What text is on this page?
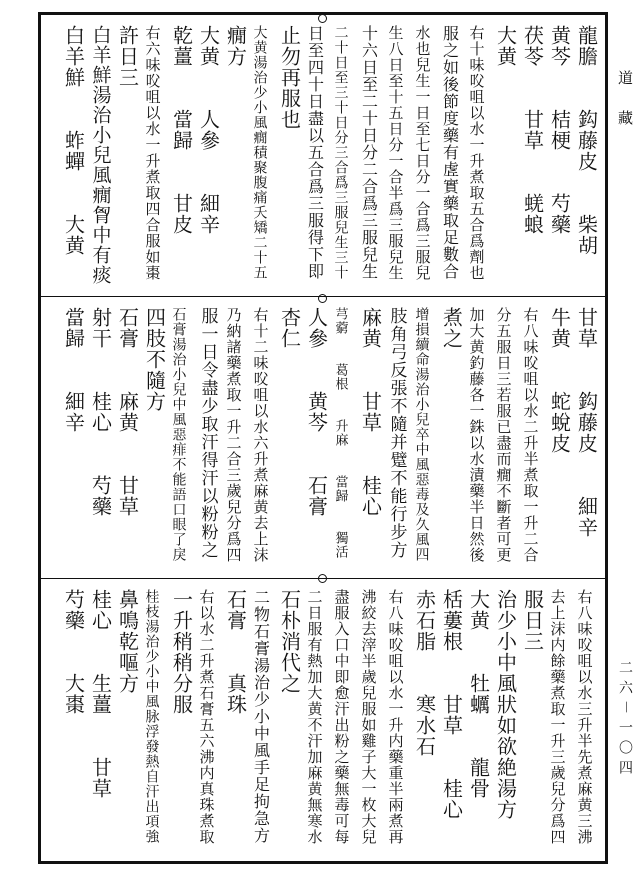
龍膽　　鈎藤皮　　柴胡
黄芩　　桔梗　　芍藥
茯苓　　甘草　　蜣蜋
大黄
右十味㕮咀以水一升煮取五合爲劑也
服之如後節度藥有虗實藥取足數合
水也兒生一日至七日分一合爲三服兒
生八日至十五日分一合半爲三服兒生
十六日至二十日分二合爲三服兒生
二十日至三十日分三合爲三服兒生三十
日至四十日盡以五合爲三服得下即
止勿再服也
大黄湯治少小風癇積聚腹痛夭矯二十五
癇方
大黄　　人參　　細辛
乾薑　　當歸　　甘皮
右六味㕮咀以水一升煮取四合服如棗
許日三
白羊鮮湯治小兒風癇胷中有痰
白羊鮮　　蚱蟬　　大黄
甘草　　鈎藤皮　　細辛
牛黄　　蛇蛻皮
右八味㕮咀以水二升半煮取一升二合
分五服日三若服已盡而癇不斷者可更
加大黄釣藤各一銖以水漬藥半日然後
煮之
增損續命湯治小兒卒中風惡毒及久風四
肢角弓反張不隨并躄不能行步方
麻黄　　甘草　　桂心
芎藭　　葛根　　升麻　　當歸　　獨活
人參　　黄芩　　石膏
杏仁
右十二味㕮咀以水六升煮麻黄去上沫
乃納諸藥煮取一升二合三歲兒分爲四
服一日令盡少取汗得汗以粉粉之
石膏湯治小兒中風惡痱不能語口眼了戾
四肢不隨方
石膏　　麻黄　　甘草
射干　　桂心　　芍藥
當歸　　細辛
右八味㕮咀以水三升半先煮麻黄三沸
去上沫内餘藥煮取一升三歲兒分爲四
服日三
治少小中風狀如欲絶湯方
大黄　　牡蠣　　龍骨
栝蔞根　　甘草　　桂心
赤石脂　　寒水石
右八味㕮咀以水一升内藥重半兩煮再
沸絞去滓半歲兒服如雞子大一枚大兒
盡服入口中即愈汗出粉之藥無毒可每
二日服有熱加大黄不汗加麻黄無寒水
石朴消代之
二物石膏湯治少小中風手足拘急方
石膏　　真珠
右以水二升煮石膏五六沸内真珠煮取
一升稍稍分服
桂枝湯治少小中風脉浮發熱自汗出項強
鼻鳴乾嘔方
桂心　　生薑　　甘草
芍藥　　大棗
道
藏
二六－一〇四
